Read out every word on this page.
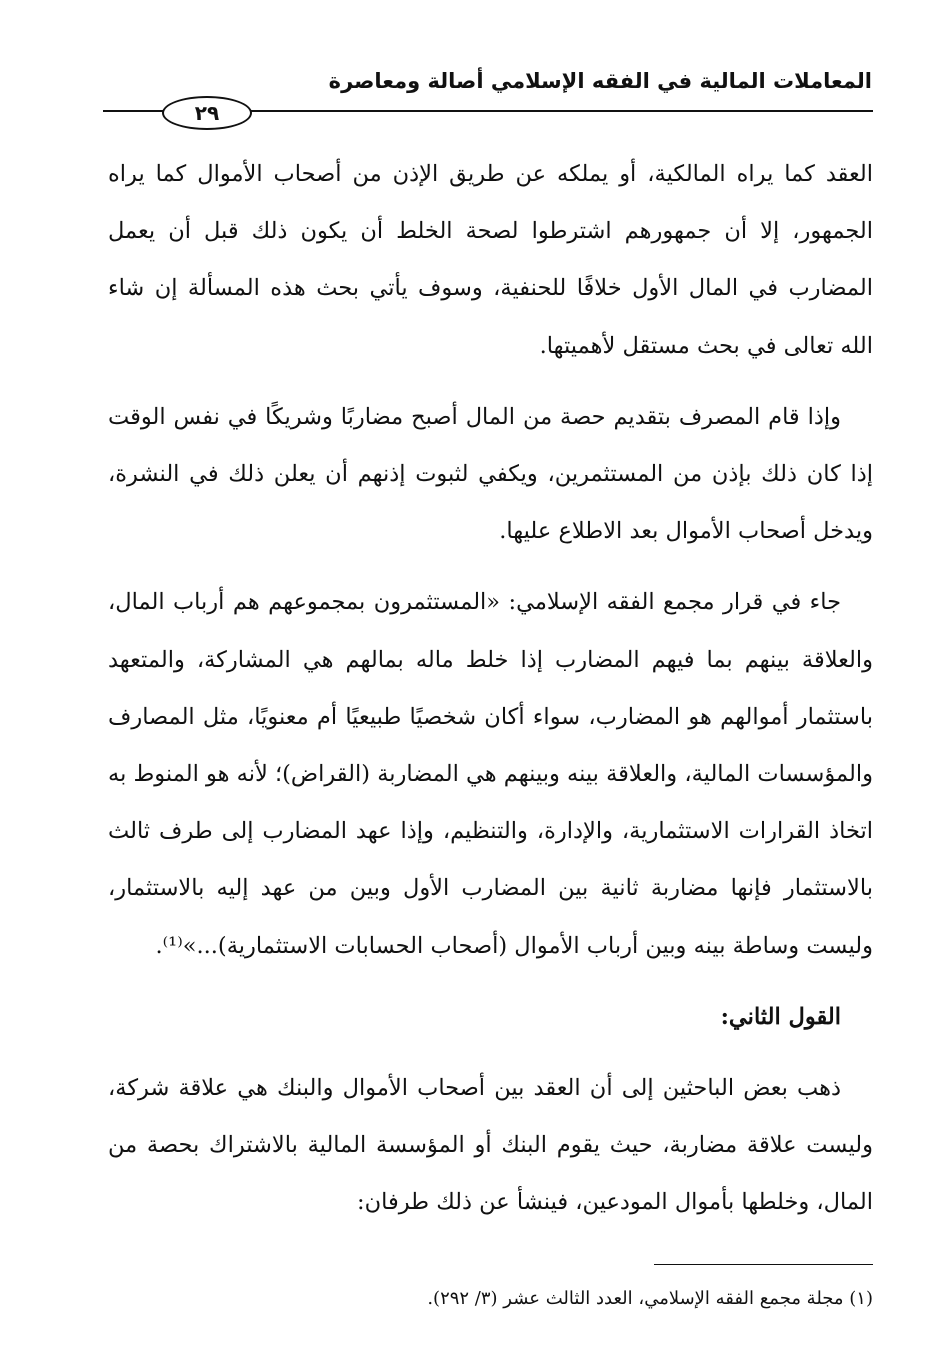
المعاملات المالية في الفقه الإسلامي أصالة ومعاصرة
٢٩

العقد كما يراه المالكية، أو يملكه عن طريق الإذن من أصحاب الأموال كما يراه الجمهور، إلا أن جمهورهم اشترطوا لصحة الخلط أن يكون ذلك قبل أن يعمل المضارب في المال الأول خلافًا للحنفية، وسوف يأتي بحث هذه المسألة إن شاء الله تعالى في بحث مستقل لأهميتها.

وإذا قام المصرف بتقديم حصة من المال أصبح مضاربًا وشريكًا في نفس الوقت إذا كان ذلك بإذن من المستثمرين، ويكفي لثبوت إذنهم أن يعلن ذلك في النشرة، ويدخل أصحاب الأموال بعد الاطلاع عليها.

جاء في قرار مجمع الفقه الإسلامي: «المستثمرون بمجموعهم هم أرباب المال، والعلاقة بينهم بما فيهم المضارب إذا خلط ماله بمالهم هي المشاركة، والمتعهد باستثمار أموالهم هو المضارب، سواء أكان شخصيًا طبيعيًا أم معنويًا، مثل المصارف والمؤسسات المالية، والعلاقة بينه وبينهم هي المضاربة (القراض)؛ لأنه هو المنوط به اتخاذ القرارات الاستثمارية، والإدارة، والتنظيم، وإذا عهد المضارب إلى طرف ثالث بالاستثمار فإنها مضاربة ثانية بين المضارب الأول وبين من عهد إليه بالاستثمار، وليست وساطة بينه وبين أرباب الأموال (أصحاب الحسابات الاستثمارية)...»⁽¹⁾.

القول الثاني:

ذهب بعض الباحثين إلى أن العقد بين أصحاب الأموال والبنك هي علاقة شركة، وليست علاقة مضاربة، حيث يقوم البنك أو المؤسسة المالية بالاشتراك بحصة من المال، وخلطها بأموال المودعين، فينشأ عن ذلك طرفان:

(١) مجلة مجمع الفقه الإسلامي، العدد الثالث عشر (٣/ ٢٩٢).
